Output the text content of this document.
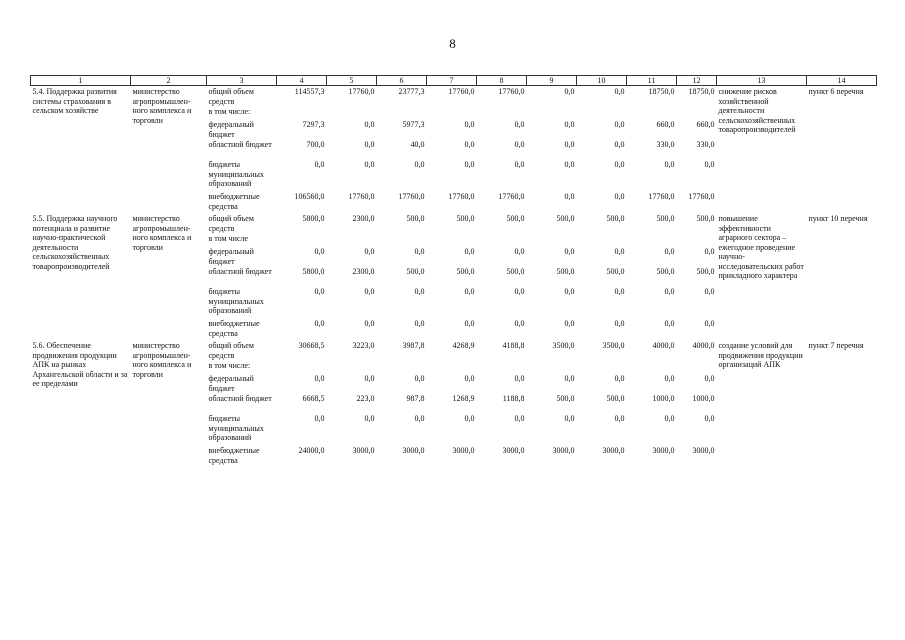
8
1	2	3	4	5	6	7	8	9	10	11	12	13	14
5.4. Поддержка развития системы страхования в сельском хозяйстве	министерство агропромышлен-ного комплекса и торговли	общий объем средств	114557,3	17760,0	23777,3	17760,0	17760,0	0,0	0,0	18750,0	18750,0	снижение рисков хозяйственной деятельности сельскохозяйственных товаропроизводителей	пункт 6 перечня
		в том числе:											
		федеральный бюджет	7297,3	0,0	5977,3	0,0	0,0	0,0	0,0	660,0	660,0		
		областной бюджет	700,0	0,0	40,0	0,0	0,0	0,0	0,0	330,0	330,0		
		бюджеты муниципальных образований	0,0	0,0	0,0	0,0	0,0	0,0	0,0	0,0	0,0		
		внебюджетные средства	106560,0	17760,0	17760,0	17760,0	17760,0	0,0	0,0	17760,0	17760,0		
5.5. Поддержка научного потенциала и развитие научно-практической деятельности сельскохозяйственных товаропроизводителей	министерство агропромышлен-ного комплекса и торговли	общий объем средств	5800,0	2300,0	500,0	500,0	500,0	500,0	500,0	500,0	500,0	повышение эффективности аграрного сектора – ежегодное проведение научно-исследовательских работ прикладного характера	пункт 10 перечня
		в том числе											
		федеральный бюджет	0,0	0,0	0,0	0,0	0,0	0,0	0,0	0,0	0,0		
		областной бюджет	5800,0	2300,0	500,0	500,0	500,0	500,0	500,0	500,0	500,0		
		бюджеты муниципальных образований	0,0	0,0	0,0	0,0	0,0	0,0	0,0	0,0	0,0		
		внебюджетные средства	0,0	0,0	0,0	0,0	0,0	0,0	0,0	0,0	0,0		
5.6. Обеспечение продвижения продукции АПК на рынках Архангельской области и за ее пределами	министерство агропромышлен-ного комплекса и торговли	общий объем средств	30668,5	3223,0	3987,8	4268,9	4188,8	3500,0	3500,0	4000,0	4000,0	создание условий для продвижения продукции организаций АПК	пункт 7 перечня
		в том числе:											
		федеральный бюджет	0,0	0,0	0,0	0,0	0,0	0,0	0,0	0,0	0,0		
		областной бюджет	6668,5	223,0	987,8	1268,9	1188,8	500,0	500,0	1000,0	1000,0		
		бюджеты муниципальных образований	0,0	0,0	0,0	0,0	0,0	0,0	0,0	0,0	0,0		
		внебюджетные средства	24000,0	3000,0	3000,0	3000,0	3000,0	3000,0	3000,0	3000,0	3000,0		
